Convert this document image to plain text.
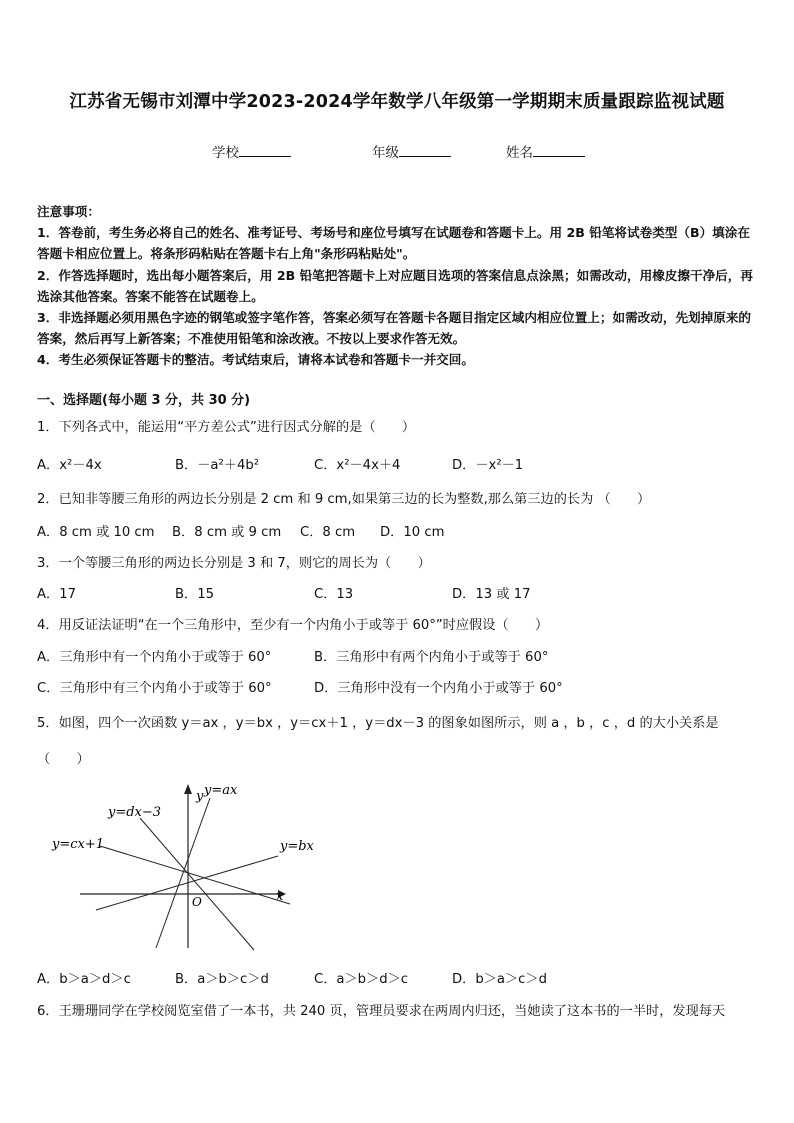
江苏省无锡市刘潭中学2023-2024学年数学八年级第一学期期末质量跟踪监视试题
学校	年级	姓名

注意事项：

1．答卷前，考生务必将自己的姓名、准考证号、考场号和座位号填写在试题卷和答题卡上。用 2B 铅笔将试卷类型（B）填涂在答题卡相应位置上。将条形码粘贴在答题卡右上角"条形码粘贴处"。

2．作答选择题时，选出每小题答案后，用 2B 铅笔把答题卡上对应题目选项的答案信息点涂黑；如需改动，用橡皮擦干净后，再选涂其他答案。答案不能答在试题卷上。

3．非选择题必须用黑色字迹的钢笔或签字笔作答，答案必须写在答题卡各题目指定区域内相应位置上；如需改动，先划掉原来的答案，然后再写上新答案；不准使用铅笔和涂改液。不按以上要求作答无效。

4．考生必须保证答题卡的整洁。考试结束后，请将本试卷和答题卡一并交回。

一、选择题(每小题 3 分，共 30 分)
1．下列各式中，能运用“平方差公式”进行因式分解的是（　　）
A．x²－4x	B．－a²＋4b²	C．x²－4x＋4	D．－x²－1
2．已知非等腰三角形的两边长分别是 2 cm 和 9 cm,如果第三边的长为整数,那么第三边的长为 （　　）
A．8 cm 或 10 cm B．8 cm 或 9 cm C．8 cm D．10 cm
3．一个等腰三角形的两边长分别是 3 和 7，则它的周长为（　　）
A．17	B．15	C．13	D．13 或 17
4．用反证法证明“在一个三角形中，至少有一个内角小于或等于 60°”时应假设（　　）
A．三角形中有一个内角小于或等于 60°	B．三角形中有两个内角小于或等于 60°
C．三角形中有三个内角小于或等于 60°	D．三角形中没有一个内角小于或等于 60°
5．如图，四个一次函数 y＝ax ，y＝bx ，y＝cx＋1 ，y＝dx－3 的图象如图所示，则 a ，b ，c ，d 的大小关系是
（　　）
y=ax
y=dx−3
y=cx+1	y=bx
y
x
O
A．b＞a＞d＞c	B．a＞b＞c＞d	C．a＞b＞d＞c	D．b＞a＞c＞d
6．王珊珊同学在学校阅览室借了一本书，共 240 页，管理员要求在两周内归还，当她读了这本书的一半时，发现每天
